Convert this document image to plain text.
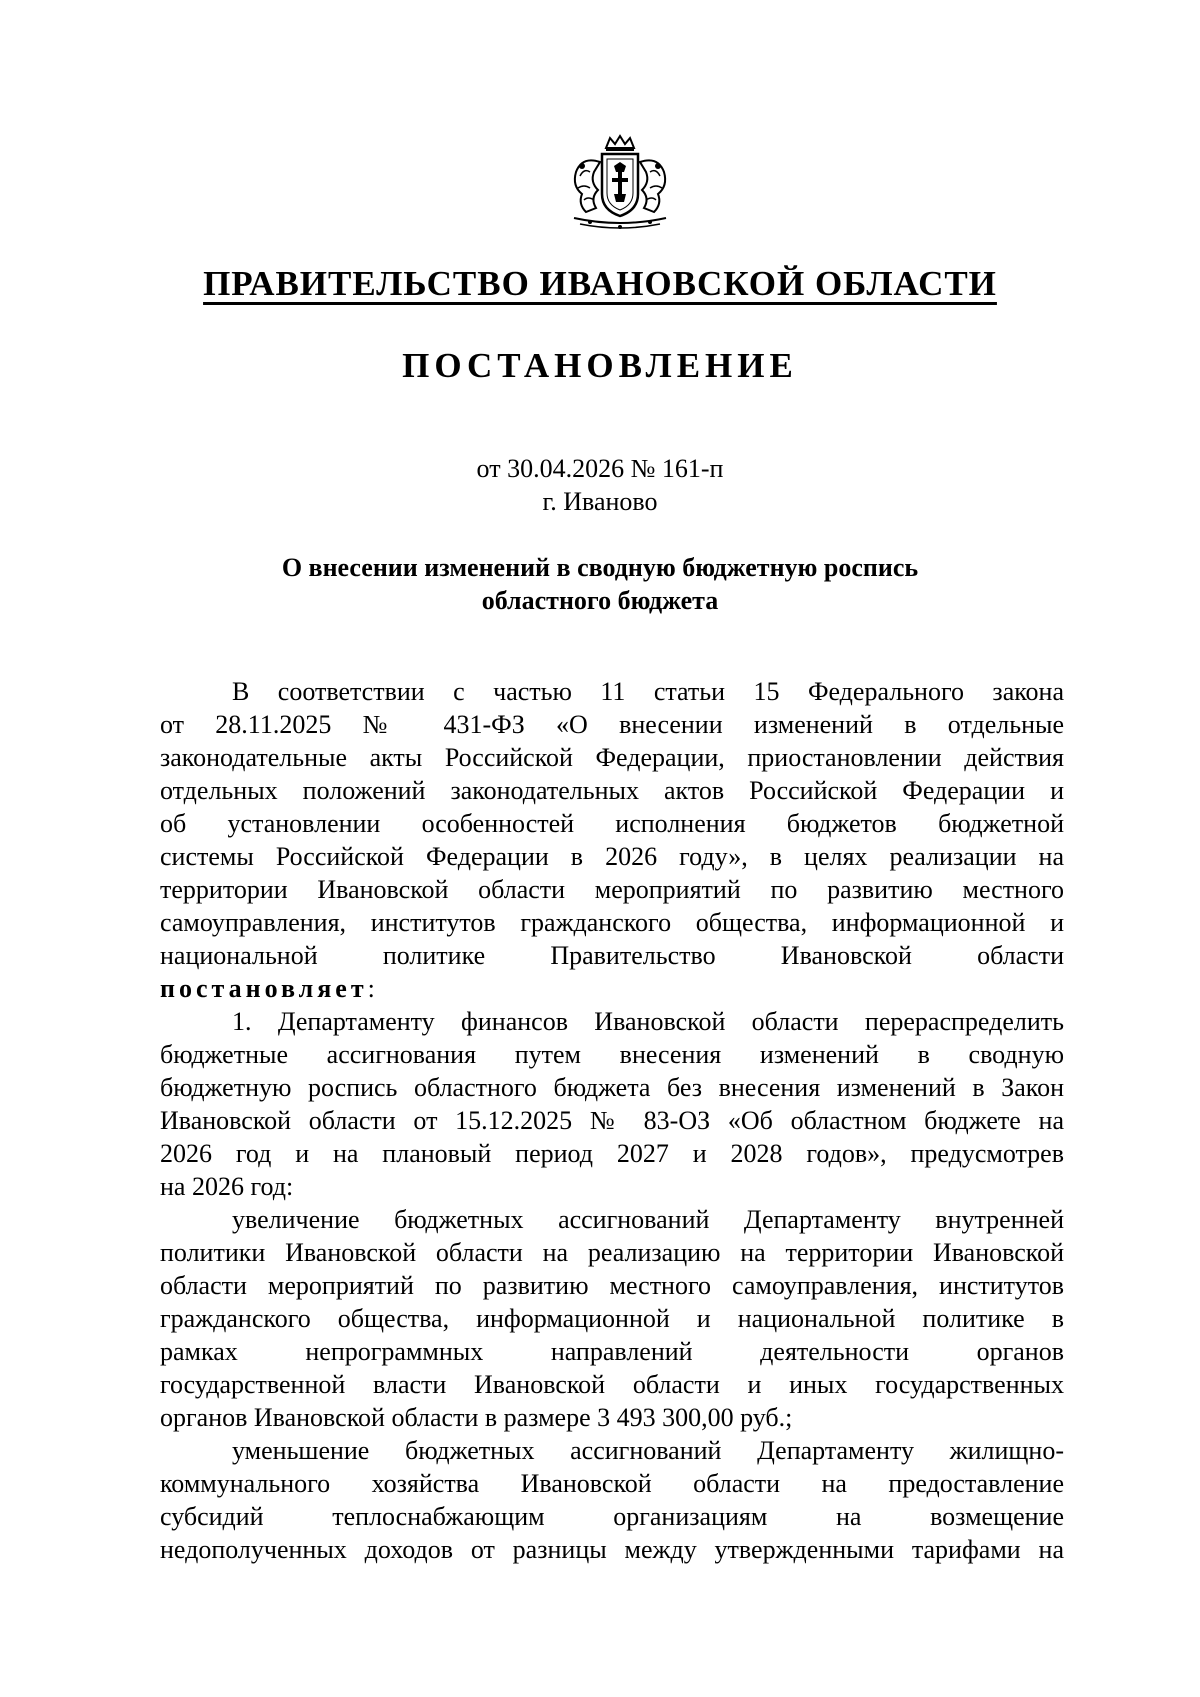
ПРАВИТЕЛЬСТВО ИВАНОВСКОЙ ОБЛАСТИ
ПОСТАНОВЛЕНИЕ
от 30.04.2026 № 161-п
г. Иваново
О внесении изменений в сводную бюджетную роспись
областного бюджета
В соответствии с частью 11 статьи 15 Федерального закона
от 28.11.2025 № 431-ФЗ «О внесении изменений в отдельные
законодательные акты Российской Федерации, приостановлении действия
отдельных положений законодательных актов Российской Федерации и
об установлении особенностей исполнения бюджетов бюджетной
системы Российской Федерации в 2026 году», в целях реализации на
территории Ивановской области мероприятий по развитию местного
самоуправления, институтов гражданского общества, информационной и
национальной политике Правительство Ивановской области
постановляет:
1. Департаменту финансов Ивановской области перераспределить
бюджетные ассигнования путем внесения изменений в сводную
бюджетную роспись областного бюджета без внесения изменений в Закон
Ивановской области от 15.12.2025 № 83-ОЗ «Об областном бюджете на
2026 год и на плановый период 2027 и 2028 годов», предусмотрев
на 2026 год:
увеличение бюджетных ассигнований Департаменту внутренней
политики Ивановской области на реализацию на территории Ивановской
области мероприятий по развитию местного самоуправления, институтов
гражданского общества, информационной и национальной политике в
рамках непрограммных направлений деятельности органов
государственной власти Ивановской области и иных государственных
органов Ивановской области в размере 3 493 300,00 руб.;
уменьшение бюджетных ассигнований Департаменту жилищно-
коммунального хозяйства Ивановской области на предоставление
субсидий теплоснабжающим организациям на возмещение
недополученных доходов от разницы между утвержденными тарифами на
